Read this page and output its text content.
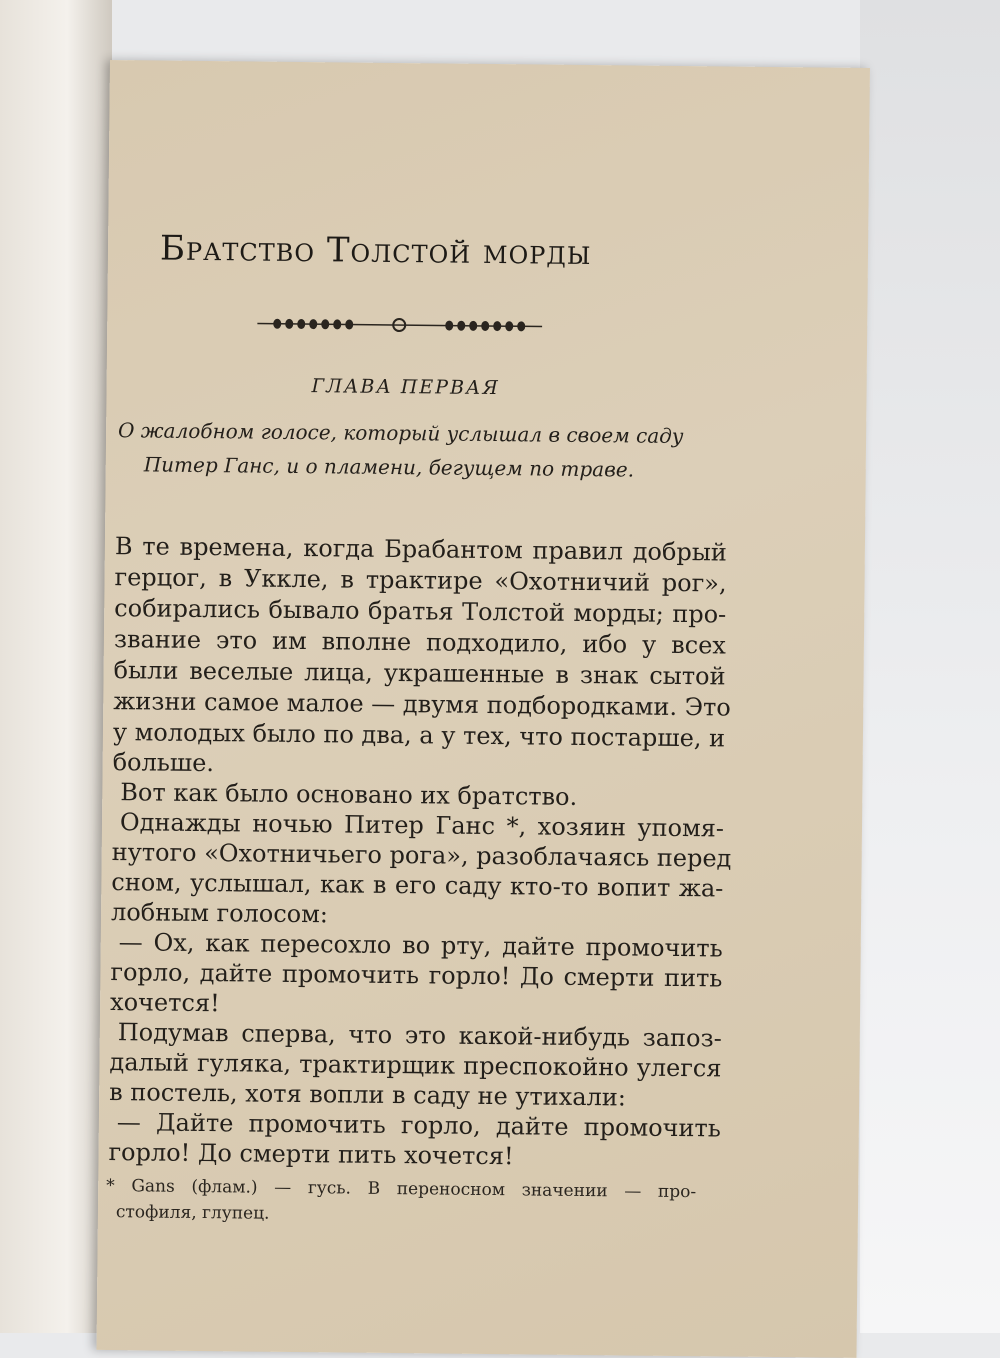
Братство Толстой морды
ГЛАВА ПЕРВАЯ
О жалобном голосе, который услышал в своем саду
Питер Ганс, и о пламени, бегущем по траве.
В те времена, когда Брабантом правил добрый
герцог, в Уккле, в трактире «Охотничий рог»,
собирались бывало братья Толстой морды; про-
звание это им вполне подходило, ибо у всех
были веселые лица, украшенные в знак сытой
жизни самое малое — двумя подбородками. Это
у молодых было по два, а у тех, что постарше, и
больше.
Вот как было основано их братство.
Однажды ночью Питер Ганс *, хозяин упомя-
нутого «Охотничьего рога», разоблачаясь перед
сном, услышал, как в его саду кто-то вопит жа-
лобным голосом:
— Ох, как пересохло во рту, дайте промочить
горло, дайте промочить горло! До смерти пить
хочется!
Подумав сперва, что это какой-нибудь запоз-
далый гуляка, трактирщик преспокойно улегся
в постель, хотя вопли в саду не утихали:
— Дайте промочить горло, дайте промочить
горло! До смерти пить хочется!
* Gans (флам.) — гусь. В переносном значении — про-
стофиля, глупец.
